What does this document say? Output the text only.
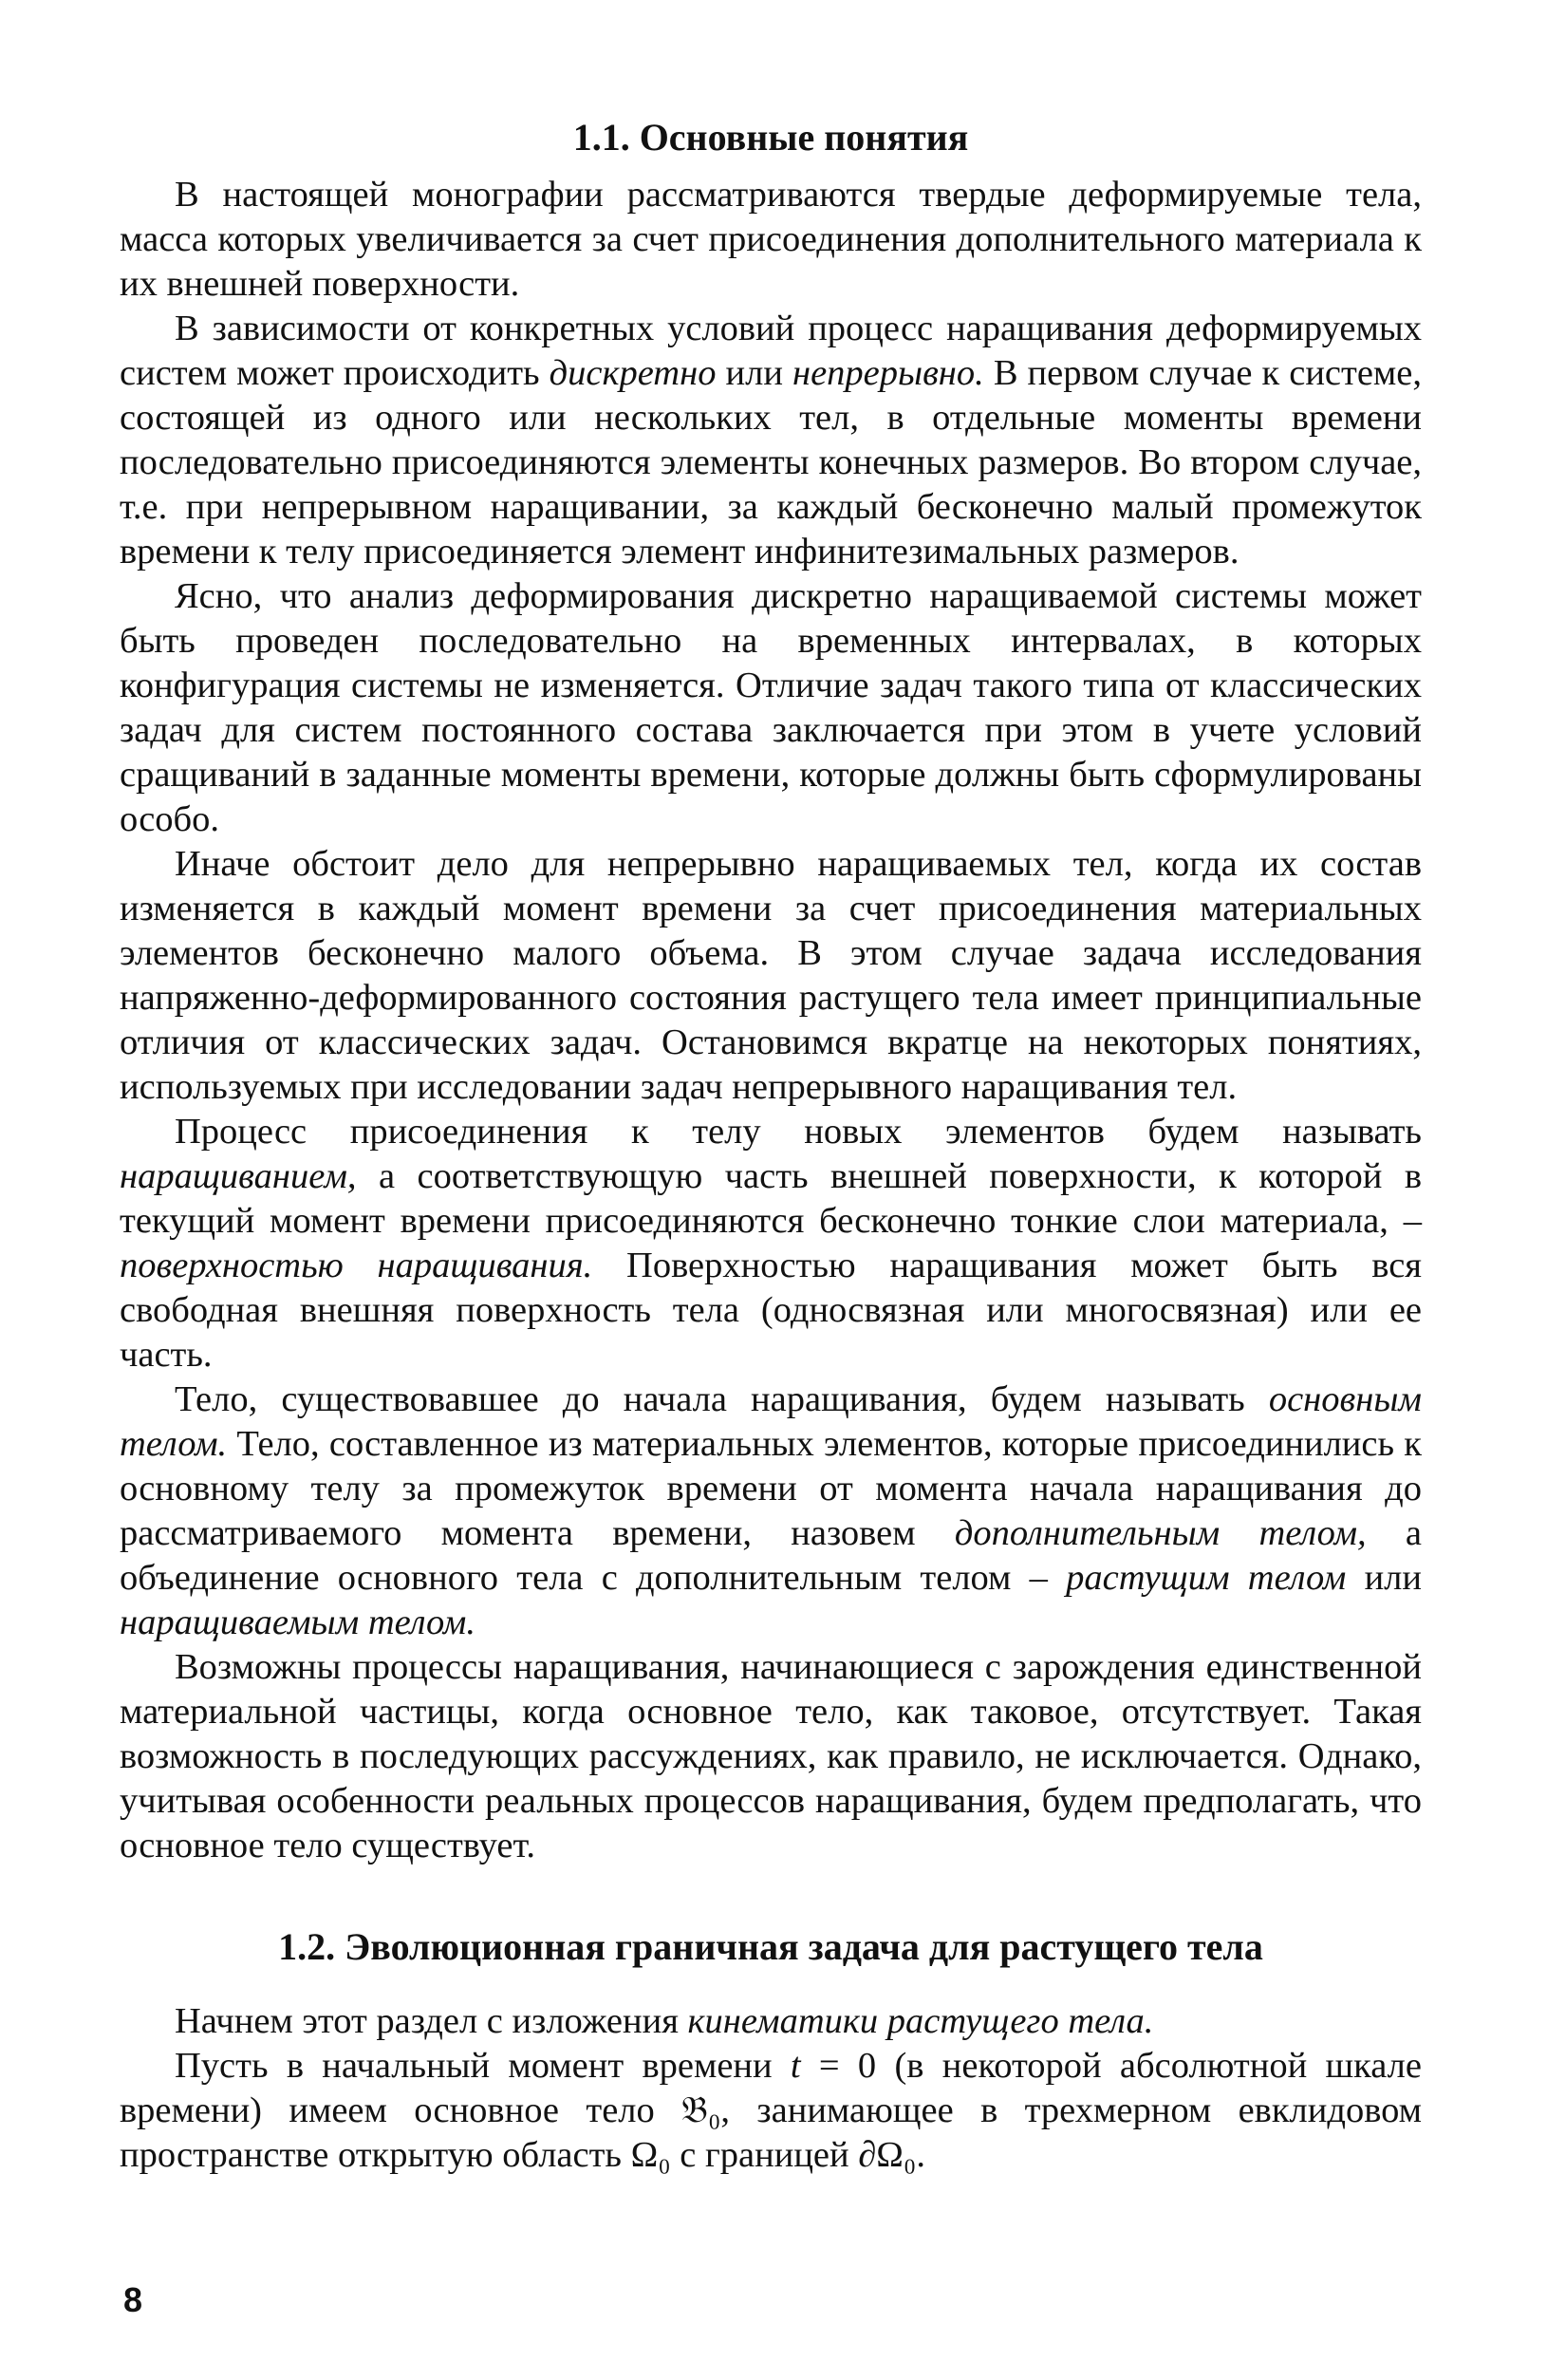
1.1. Основные понятия

В настоящей монографии рассматриваются твердые деформируемые тела, масса которых увеличивается за счет присоединения дополнительного материала к их внешней поверхности.

В зависимости от конкретных условий процесс наращивания деформируемых систем может происходить дискретно или непрерывно. В первом случае к системе, состоящей из одного или нескольких тел, в отдельные моменты времени последовательно присоединяются элементы конечных размеров. Во втором случае, т.е. при непрерывном наращивании, за каждый бесконечно малый промежуток времени к телу присоединяется элемент инфинитезимальных размеров.

Ясно, что анализ деформирования дискретно наращиваемой системы может быть проведен последовательно на временных интервалах, в которых конфигурация системы не изменяется. Отличие задач такого типа от классических задач для систем постоянного состава заключается при этом в учете условий сращиваний в заданные моменты времени, которые должны быть сформулированы особо.

Иначе обстоит дело для непрерывно наращиваемых тел, когда их состав изменяется в каждый момент времени за счет присоединения материальных элементов бесконечно малого объема. В этом случае задача исследования напряженно-деформированного состояния растущего тела имеет принципиальные отличия от классических задач. Остановимся вкратце на некоторых понятиях, используемых при исследовании задач непрерывного наращивания тел.

Процесс присоединения к телу новых элементов будем называть наращиванием, а соответствующую часть внешней поверхности, к которой в текущий момент времени присоединяются бесконечно тонкие слои материала, – поверхностью наращивания. Поверхностью наращивания может быть вся свободная внешняя поверхность тела (односвязная или многосвязная) или ее часть.

Тело, существовавшее до начала наращивания, будем называть основным телом. Тело, составленное из материальных элементов, которые присоединились к основному телу за промежуток времени от момента начала наращивания до рассматриваемого момента времени, назовем дополнительным телом, а объединение основного тела с дополнительным телом – растущим телом или наращиваемым телом.

Возможны процессы наращивания, начинающиеся с зарождения единственной материальной частицы, когда основное тело, как таковое, отсутствует. Такая возможность в последующих рассуждениях, как правило, не исключается. Однако, учитывая особенности реальных процессов наращивания, будем предполагать, что основное тело существует.

1.2. Эволюционная граничная задача для растущего тела

Начнем этот раздел с изложения кинематики растущего тела.

Пусть в начальный момент времени t = 0 (в некоторой абсолютной шкале времени) имеем основное тело 𝔅₀, занимающее в трехмерном евклидовом пространстве открытую область Ω₀ с границей ∂Ω₀.

8
